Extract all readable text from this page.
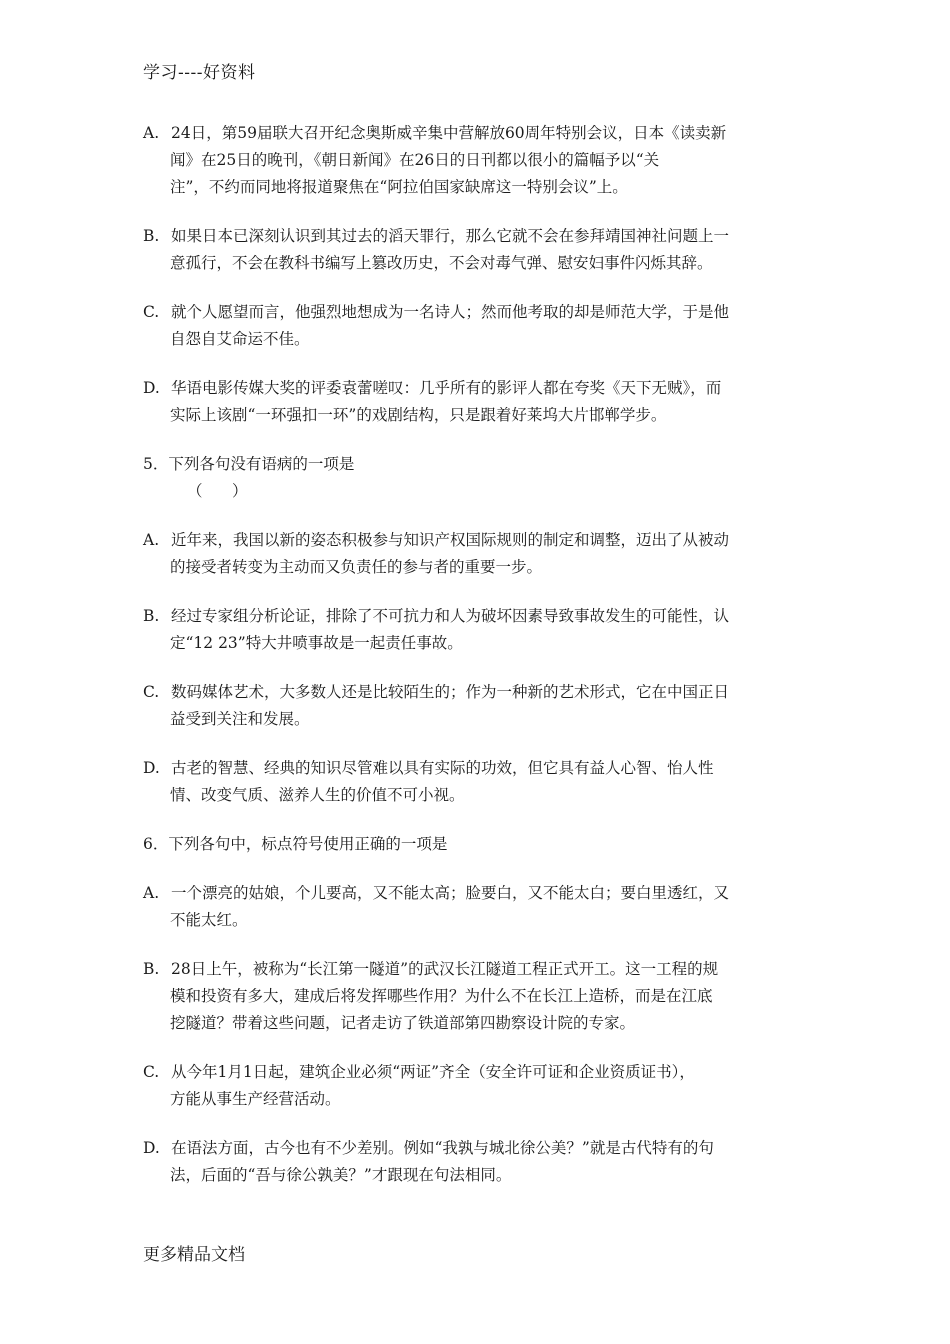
学习----好资料
A. 24日，第59届联大召开纪念奥斯威辛集中营解放60周年特别会议，日本《读卖新
闻》在25日的晚刊，《朝日新闻》在26日的日刊都以很小的篇幅予以“关
注”，不约而同地将报道聚焦在“阿拉伯国家缺席这一特别会议”上。
B. 如果日本已深刻认识到其过去的滔天罪行，那么它就不会在参拜靖国神社问题上一
意孤行，不会在教科书编写上篡改历史，不会对毒气弹、慰安妇事件闪烁其辞。
C. 就个人愿望而言，他强烈地想成为一名诗人；然而他考取的却是师范大学，于是他
自怨自艾命运不佳。
D. 华语电影传媒大奖的评委袁蕾嗟叹：几乎所有的影评人都在夸奖《天下无贼》，而
实际上该剧“一环强扣一环”的戏剧结构，只是跟着好莱坞大片邯郸学步。
5．下列各句没有语病的一项是
（      ）
A. 近年来，我国以新的姿态积极参与知识产权国际规则的制定和调整，迈出了从被动
的接受者转变为主动而又负责任的参与者的重要一步。
B. 经过专家组分析论证，排除了不可抗力和人为破坏因素导致事故发生的可能性，认
定“12 23”特大井喷事故是一起责任事故。
C. 数码媒体艺术，大多数人还是比较陌生的；作为一种新的艺术形式，它在中国正日
益受到关注和发展。
D. 古老的智慧、经典的知识尽管难以具有实际的功效，但它具有益人心智、怡人性
情、改变气质、滋养人生的价值不可小视。
6．下列各句中，标点符号使用正确的一项是
A. 一个漂亮的姑娘，个儿要高，又不能太高；脸要白，又不能太白；要白里透红，又
不能太红。
B. 28日上午，被称为“长江第一隧道”的武汉长江隧道工程正式开工。这一工程的规
模和投资有多大，建成后将发挥哪些作用？为什么不在长江上造桥，而是在江底
挖隧道？带着这些问题，记者走访了铁道部第四勘察设计院的专家。
C. 从今年1月1日起，建筑企业必须“两证”齐全（安全许可证和企业资质证书），
方能从事生产经营活动。
D. 在语法方面，古今也有不少差别。例如“我孰与城北徐公美？”就是古代特有的句
法，后面的“吾与徐公孰美？”才跟现在句法相同。
更多精品文档
